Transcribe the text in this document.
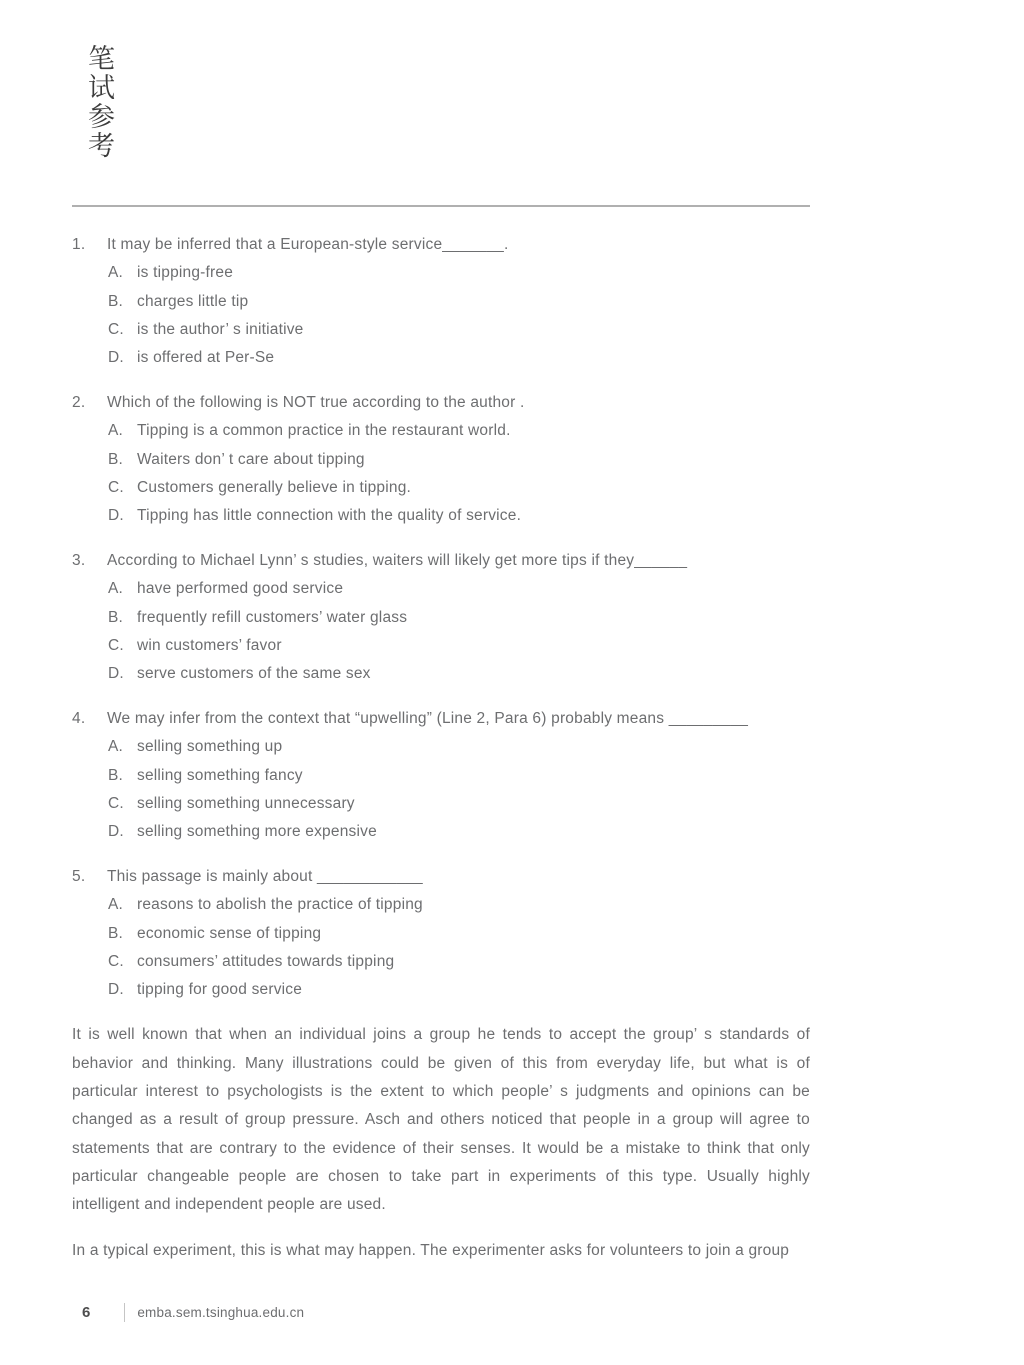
笔试参考
1.	It may be inferred that a European-style service_______.
A. is tipping-free
B. charges little tip
C. is the author’ s initiative
D. is offered at Per-Se
2.	Which of the following is NOT true according to the author .
A. Tipping is a common practice in the restaurant world.
B. Waiters don’ t care about tipping
C. Customers generally believe in tipping.
D. Tipping has little connection with the quality of service.
3.	According to Michael Lynn’ s studies, waiters will likely get more tips if they______
A. have performed good service
B. frequently refill customers’ water glass
C. win customers’ favor
D. serve customers of the same sex
4.	We may infer from the context that “upwelling” (Line 2, Para 6) probably means _________
A. selling something up
B. selling something fancy
C. selling something unnecessary
D. selling something more expensive
5.	This passage is mainly about ____________
A. reasons to abolish the practice of tipping
B. economic sense of tipping
C. consumers’ attitudes towards tipping
D. tipping for good service

It is well known that when an individual joins a group he tends to accept the group’ s standards of behavior and thinking. Many illustrations could be given of this from everyday life, but what is of particular interest to psychologists is the extent to which people’ s judgments and opinions can be changed as a result of group pressure. Asch and others noticed that people in a group will agree to statements that are contrary to the evidence of their senses. It would be a mistake to think that only particular changeable people are chosen to take part in experiments of this type. Usually highly intelligent and independent people are used.

In a typical experiment, this is what may happen. The experimenter asks for volunteers to join a group

6	emba.sem.tsinghua.edu.cn
